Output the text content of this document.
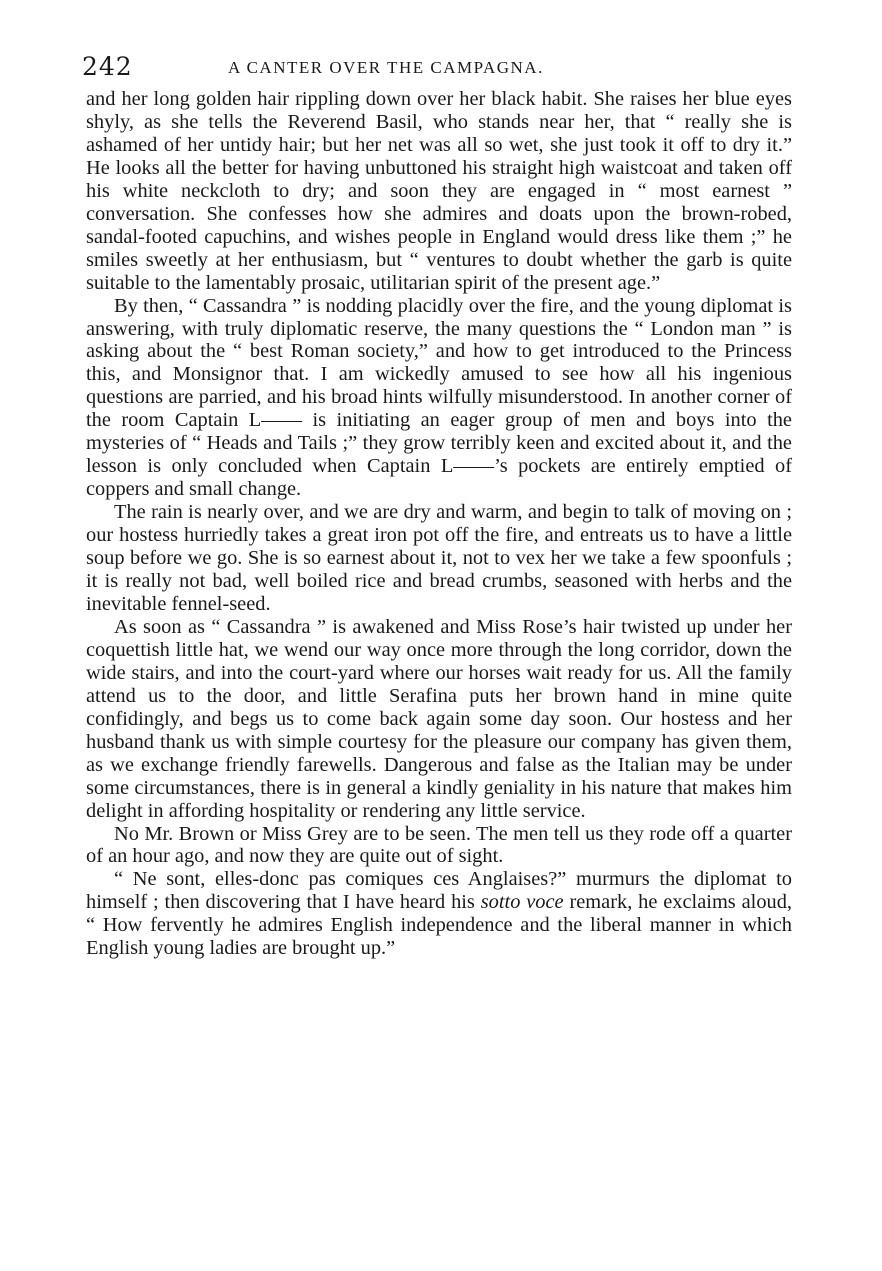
242	A CANTER OVER THE CAMPAGNA.

and her long golden hair rippling down over her black habit. She raises her blue eyes shyly, as she tells the Reverend Basil, who stands near her, that “ really she is ashamed of her untidy hair; but her net was all so wet, she just took it off to dry it.” He looks all the better for having unbuttoned his straight high waistcoat and taken off his white neckcloth to dry; and soon they are engaged in “ most earnest ” conversation. She confesses how she admires and doats upon the brown-robed, sandal-footed capuchins, and wishes people in England would dress like them ;” he smiles sweetly at her enthusiasm, but “ ventures to doubt whether the garb is quite suitable to the lamentably prosaic, utilitarian spirit of the present age.”

By then, “ Cassandra ” is nodding placidly over the fire, and the young diplomat is answering, with truly diplomatic reserve, the many questions the “ London man ” is asking about the “ best Roman society,” and how to get introduced to the Princess this, and Monsignor that. I am wickedly amused to see how all his ingenious questions are parried, and his broad hints wilfully misunderstood. In another corner of the room Captain L—— is initiating an eager group of men and boys into the mysteries of “ Heads and Tails ;” they grow terribly keen and excited about it, and the lesson is only concluded when Captain L——’s pockets are entirely emptied of coppers and small change.

The rain is nearly over, and we are dry and warm, and begin to talk of moving on ; our hostess hurriedly takes a great iron pot off the fire, and entreats us to have a little soup before we go. She is so earnest about it, not to vex her we take a few spoonfuls ; it is really not bad, well boiled rice and bread crumbs, seasoned with herbs and the inevitable fennel-seed.

As soon as “ Cassandra ” is awakened and Miss Rose’s hair twisted up under her coquettish little hat, we wend our way once more through the long corridor, down the wide stairs, and into the court-yard where our horses wait ready for us. All the family attend us to the door, and little Serafina puts her brown hand in mine quite confidingly, and begs us to come back again some day soon. Our hostess and her husband thank us with simple courtesy for the pleasure our company has given them, as we exchange friendly farewells. Dangerous and false as the Italian may be under some circumstances, there is in general a kindly geniality in his nature that makes him delight in affording hospitality or rendering any little service.

No Mr. Brown or Miss Grey are to be seen. The men tell us they rode off a quarter of an hour ago, and now they are quite out of sight.

“ Ne sont, elles-donc pas comiques ces Anglaises?” murmurs the diplomat to himself ; then discovering that I have heard his sotto voce remark, he exclaims aloud, “ How fervently he admires English independence and the liberal manner in which English young ladies are brought up.”
